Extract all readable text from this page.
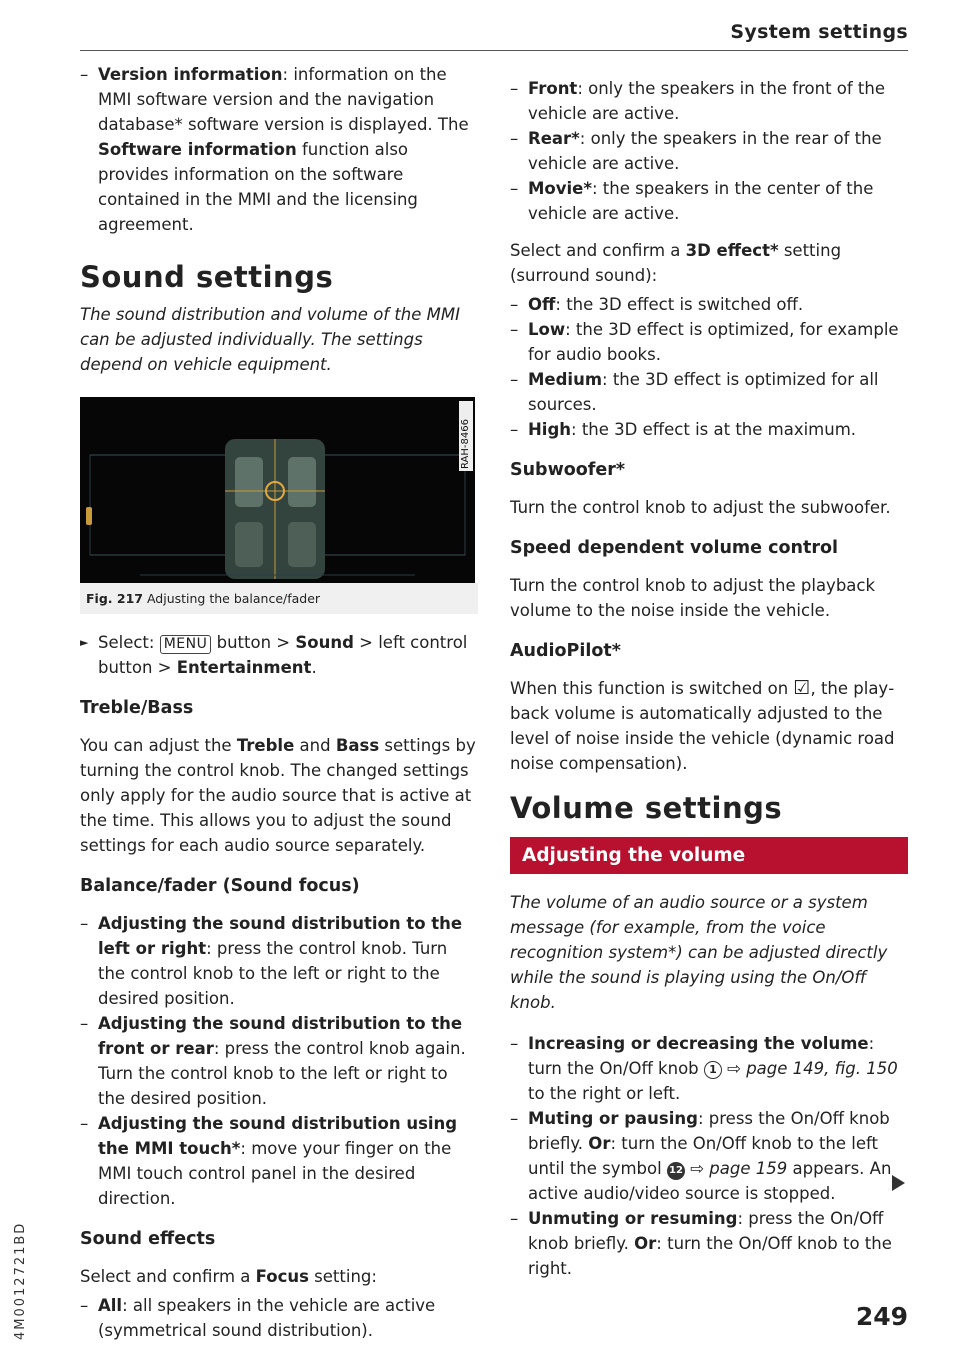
System settings

– Version information: information on the MMI software version and the navigation database* software version is displayed. The Software information function also provides information on the software contained in the MMI and the licensing agreement.

Sound settings

The sound distribution and volume of the MMI can be adjusted individually. The settings depend on vehicle equipment.

RAH-8466

Fig. 217 Adjusting the balance/fader

► Select: MENU button > Sound > left control button > Entertainment.

Treble/Bass

You can adjust the Treble and Bass settings by turning the control knob. The changed settings only apply for the audio source that is active at the time. This allows you to adjust the sound settings for each audio source separately.

Balance/fader (Sound focus)

– Adjusting the sound distribution to the left or right: press the control knob. Turn the control knob to the left or right to the desired position.

– Adjusting the sound distribution to the front or rear: press the control knob again. Turn the control knob to the left or right to the desired position.

– Adjusting the sound distribution using the MMI touch*: move your finger on the MMI touch control panel in the desired direction.

Sound effects

Select and confirm a Focus setting:

– All: all speakers in the vehicle are active (symmetrical sound distribution).

– Front: only the speakers in the front of the vehicle are active.

– Rear*: only the speakers in the rear of the vehicle are active.

– Movie*: the speakers in the center of the vehicle are active.

Select and confirm a 3D effect* setting (surround sound):

– Off: the 3D effect is switched off.

– Low: the 3D effect is optimized, for example for audio books.

– Medium: the 3D effect is optimized for all sources.

– High: the 3D effect is at the maximum.

Subwoofer*

Turn the control knob to adjust the subwoofer.

Speed dependent volume control

Turn the control knob to adjust the playback volume to the noise inside the vehicle.

AudioPilot*

When this function is switched on ☑, the playback volume is automatically adjusted to the level of noise inside the vehicle (dynamic road noise compensation).

Volume settings

Adjusting the volume

The volume of an audio source or a system message (for example, from the voice recognition system*) can be adjusted directly while the sound is playing using the On/Off knob.

– Increasing or decreasing the volume: turn the On/Off knob 1 ⇨ page 149, fig. 150 to the right or left.

– Muting or pausing: press the On/Off knob briefly. Or: turn the On/Off knob to the left until the symbol 12 ⇨ page 159 appears. An active audio/video source is stopped.

– Unmuting or resuming: press the On/Off knob briefly. Or: turn the On/Off knob to the right.

4M0012721BD	249
